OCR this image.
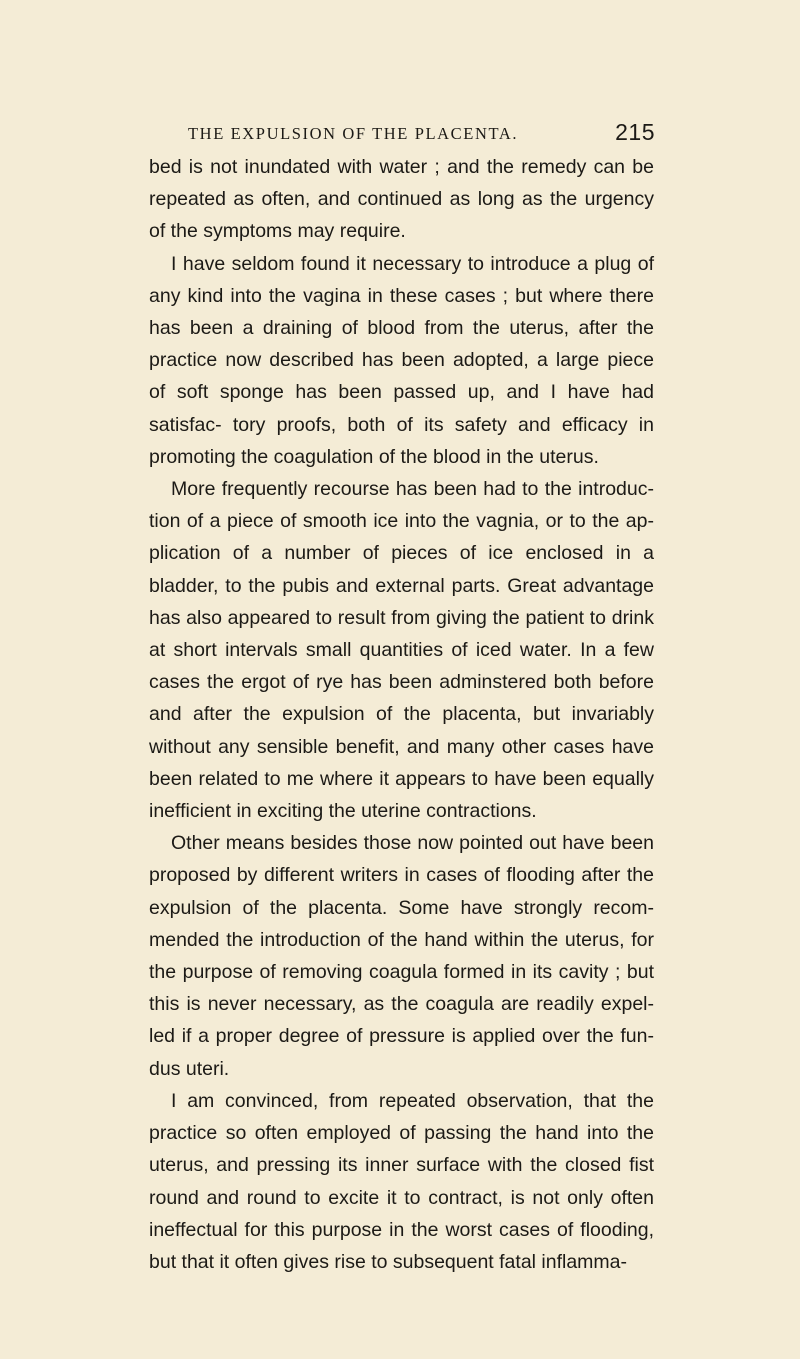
THE EXPULSION OF THE PLACENTA.	215

bed is not inundated with water ; and the remedy can be repeated as often, and continued as long as the urgency of the symptoms may require.

I have seldom found it necessary to introduce a plug of any kind into the vagina in these cases ; but where there has been a draining of blood from the uterus, after the practice now described has been adopted, a large piece of soft sponge has been passed up, and I have had satisfac- tory proofs, both of its safety and efficacy in promoting the coagulation of the blood in the uterus.

More frequently recourse has been had to the introduc- tion of a piece of smooth ice into the vagnia, or to the ap- plication of a number of pieces of ice enclosed in a bladder, to the pubis and external parts. Great advantage has also appeared to result from giving the patient to drink at short intervals small quantities of iced water. In a few cases the ergot of rye has been adminstered both before and after the expulsion of the placenta, but invariably without any sensible benefit, and many other cases have been related to me where it appears to have been equally inefficient in exciting the uterine contractions.

Other means besides those now pointed out have been proposed by different writers in cases of flooding after the expulsion of the placenta. Some have strongly recom- mended the introduction of the hand within the uterus, for the purpose of removing coagula formed in its cavity ; but this is never necessary, as the coagula are readily expel- led if a proper degree of pressure is applied over the fun- dus uteri.

I am convinced, from repeated observation, that the practice so often employed of passing the hand into the uterus, and pressing its inner surface with the closed fist round and round to excite it to contract, is not only often ineffectual for this purpose in the worst cases of flooding, but that it often gives rise to subsequent fatal inflamma-
